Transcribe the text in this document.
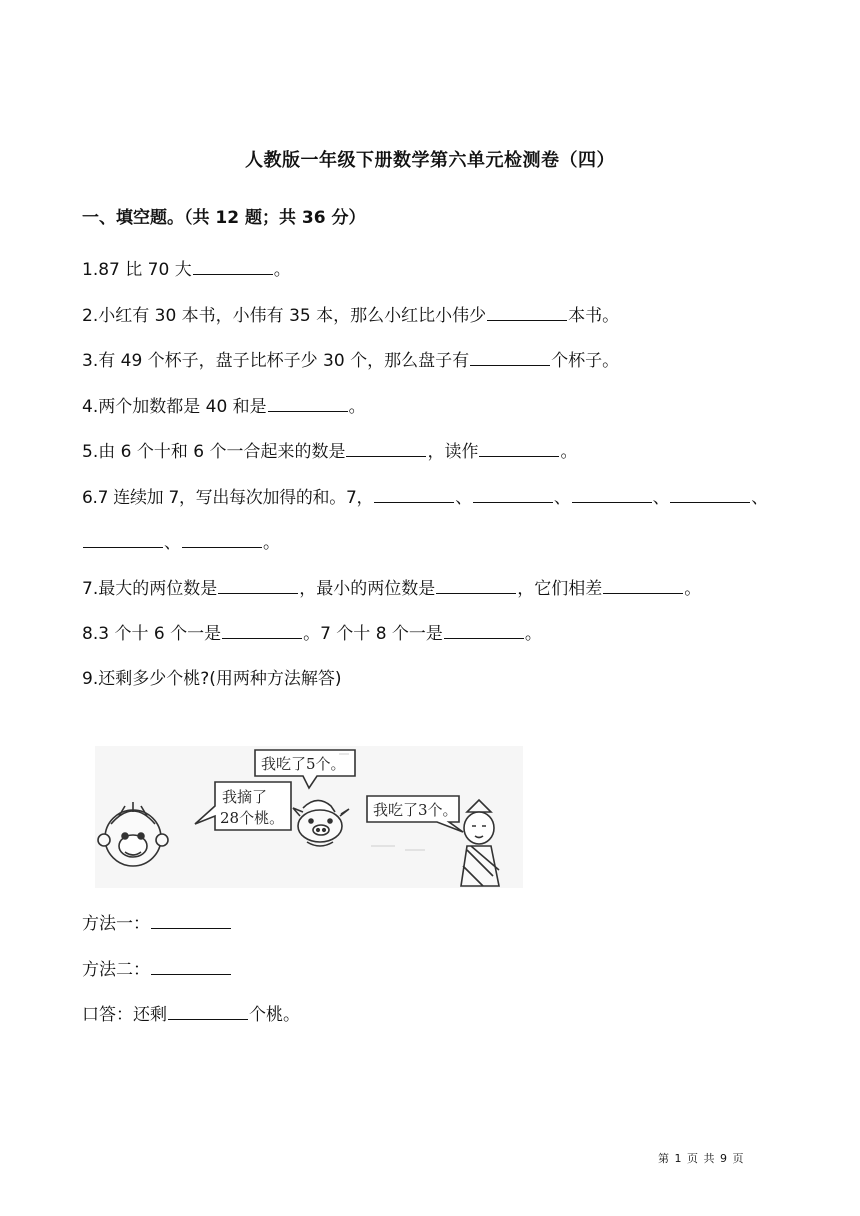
人教版一年级下册数学第六单元检测卷（四）
一、填空题。（共 12 题；共 36 分）
1.87 比 70 大	。
2.小红有 30 本书，小伟有 35 本，那么小红比小伟少	本书。
3.有 49 个杯子，盘子比杯子少 30 个，那么盘子有	个杯子。
4.两个加数都是 40 和是	。
5.由 6 个十和 6 个一合起来的数是	，读作	。
6.7 连续加 7，写出每次加得的和。7，	、	、	、	、
、	。
7.最大的两位数是	，最小的两位数是	，它们相差	。
8.3 个十 6 个一是	。7 个十 8 个一是	。
9.还剩多少个桃?(用两种方法解答)
我摘了
28个桃。
我吃了5个。
我吃了3个。
方法一：
方法二：
口答：还剩	个桃。
第 1 页 共 9 页
